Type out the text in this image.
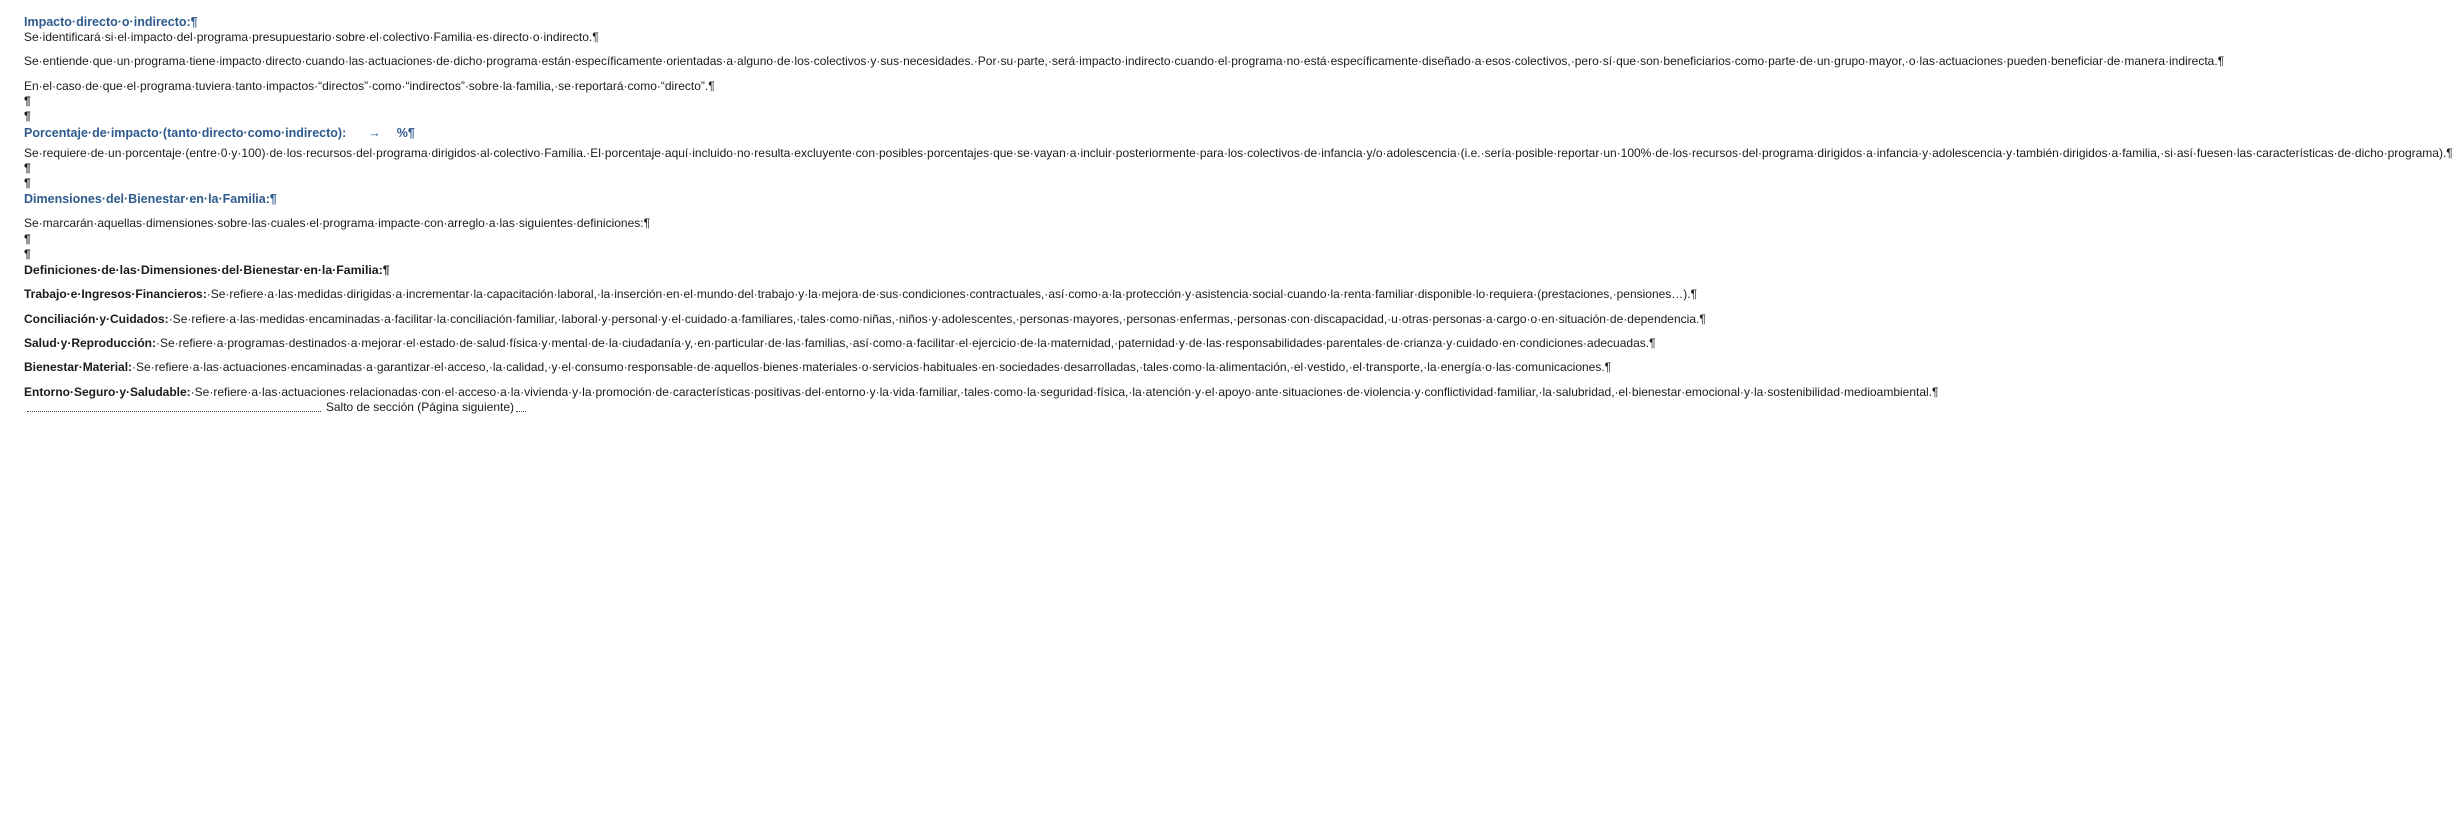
Impacto·directo·o·indirecto:¶

Se·identificará·si·el·impacto·del·programa·presupuestario·sobre·el·colectivo·Familia·es·directo·o·indirecto.¶

Se·entiende·que·un·programa·tiene·impacto·directo·cuando·las·actuaciones·de·dicho·programa·están·específicamente·orientadas·a·alguno·de·los·colectivos·y·sus·necesidades.·Por·su·parte,·será·impacto·indirecto·cuando·el·programa·no·está·específicamente·diseñado·a·esos·colectivos,·pero·sí·que·son·beneficiarios·como·parte·de·un·grupo·mayor,·o·las·actuaciones·pueden·beneficiar·de·manera·indirecta.¶

En·el·caso·de·que·el·programa·tuviera·tanto·impactos·“directos”·como·“indirectos”·sobre·la·familia,·se·reportará·como·“directo”.¶

¶

¶

Porcentaje·de·impacto·(tanto·directo·como·indirecto): → %¶

Se·requiere·de·un·porcentaje·(entre·0·y·100)·de·los·recursos·del·programa·dirigidos·al·colectivo·Familia.·El·porcentaje·aquí·incluido·no·resulta·excluyente·con·posibles·porcentajes·que·se·vayan·a·incluir·posteriormente·para·los·colectivos·de·infancia·y/o·adolescencia·(i.e.·sería·posible·reportar·un·100%·de·los·recursos·del·programa·dirigidos·a·infancia·y·adolescencia·y·también·dirigidos·a·familia,·si·así·fuesen·las·características·de·dicho·programa).¶

¶

¶

Dimensiones·del·Bienestar·en·la·Familia:¶

Se·marcarán·aquellas·dimensiones·sobre·las·cuales·el·programa·impacte·con·arreglo·a·las·siguientes·definiciones:¶

¶

¶

Definiciones·de·las·Dimensiones·del·Bienestar·en·la·Familia:¶

Trabajo·e·Ingresos·Financieros:·Se·refiere·a·las·medidas·dirigidas·a·incrementar·la·capacitación·laboral,·la·inserción·en·el·mundo·del·trabajo·y·la·mejora·de·sus·condiciones·contractuales,·así·como·a·la·protección·y·asistencia·social·cuando·la·renta·familiar·disponible·lo·requiera·(prestaciones,·pensiones…).¶

Conciliación·y·Cuidados:·Se·refiere·a·las·medidas·encaminadas·a·facilitar·la·conciliación·familiar,·laboral·y·personal·y·el·cuidado·a·familiares,·tales·como·niñas,·niños·y·adolescentes,·personas·mayores,·personas·enfermas,·personas·con·discapacidad,·u·otras·personas·a·cargo·o·en·situación·de·dependencia.¶

Salud·y·Reproducción:·Se·refiere·a·programas·destinados·a·mejorar·el·estado·de·salud·física·y·mental·de·la·ciudadanía·y,·en·particular·de·las·familias,·así·como·a·facilitar·el·ejercicio·de·la·maternidad,·paternidad·y·de·las·responsabilidades·parentales·de·crianza·y·cuidado·en·condiciones·adecuadas.¶

Bienestar·Material:·Se·refiere·a·las·actuaciones·encaminadas·a·garantizar·el·acceso,·la·calidad,·y·el·consumo·responsable·de·aquellos·bienes·materiales·o·servicios·habituales·en·sociedades·desarrolladas,·tales·como·la·alimentación,·el·vestido,·el·transporte,·la·energía·o·las·comunicaciones.¶

Entorno·Seguro·y·Saludable:·Se·refiere·a·las·actuaciones·relacionadas·con·el·acceso·a·la·vivienda·y·la·promoción·de·características·positivas·del·entorno·y·la·vida·familiar,·tales·como·la·seguridad·física,·la·atención·y·el·apoyo·ante·situaciones·de·violencia·y·conflictividad·familiar,·la·salubridad,·el·bienestar·emocional·y·la·sostenibilidad·medioambiental.¶

Salto de sección (Página siguiente)
